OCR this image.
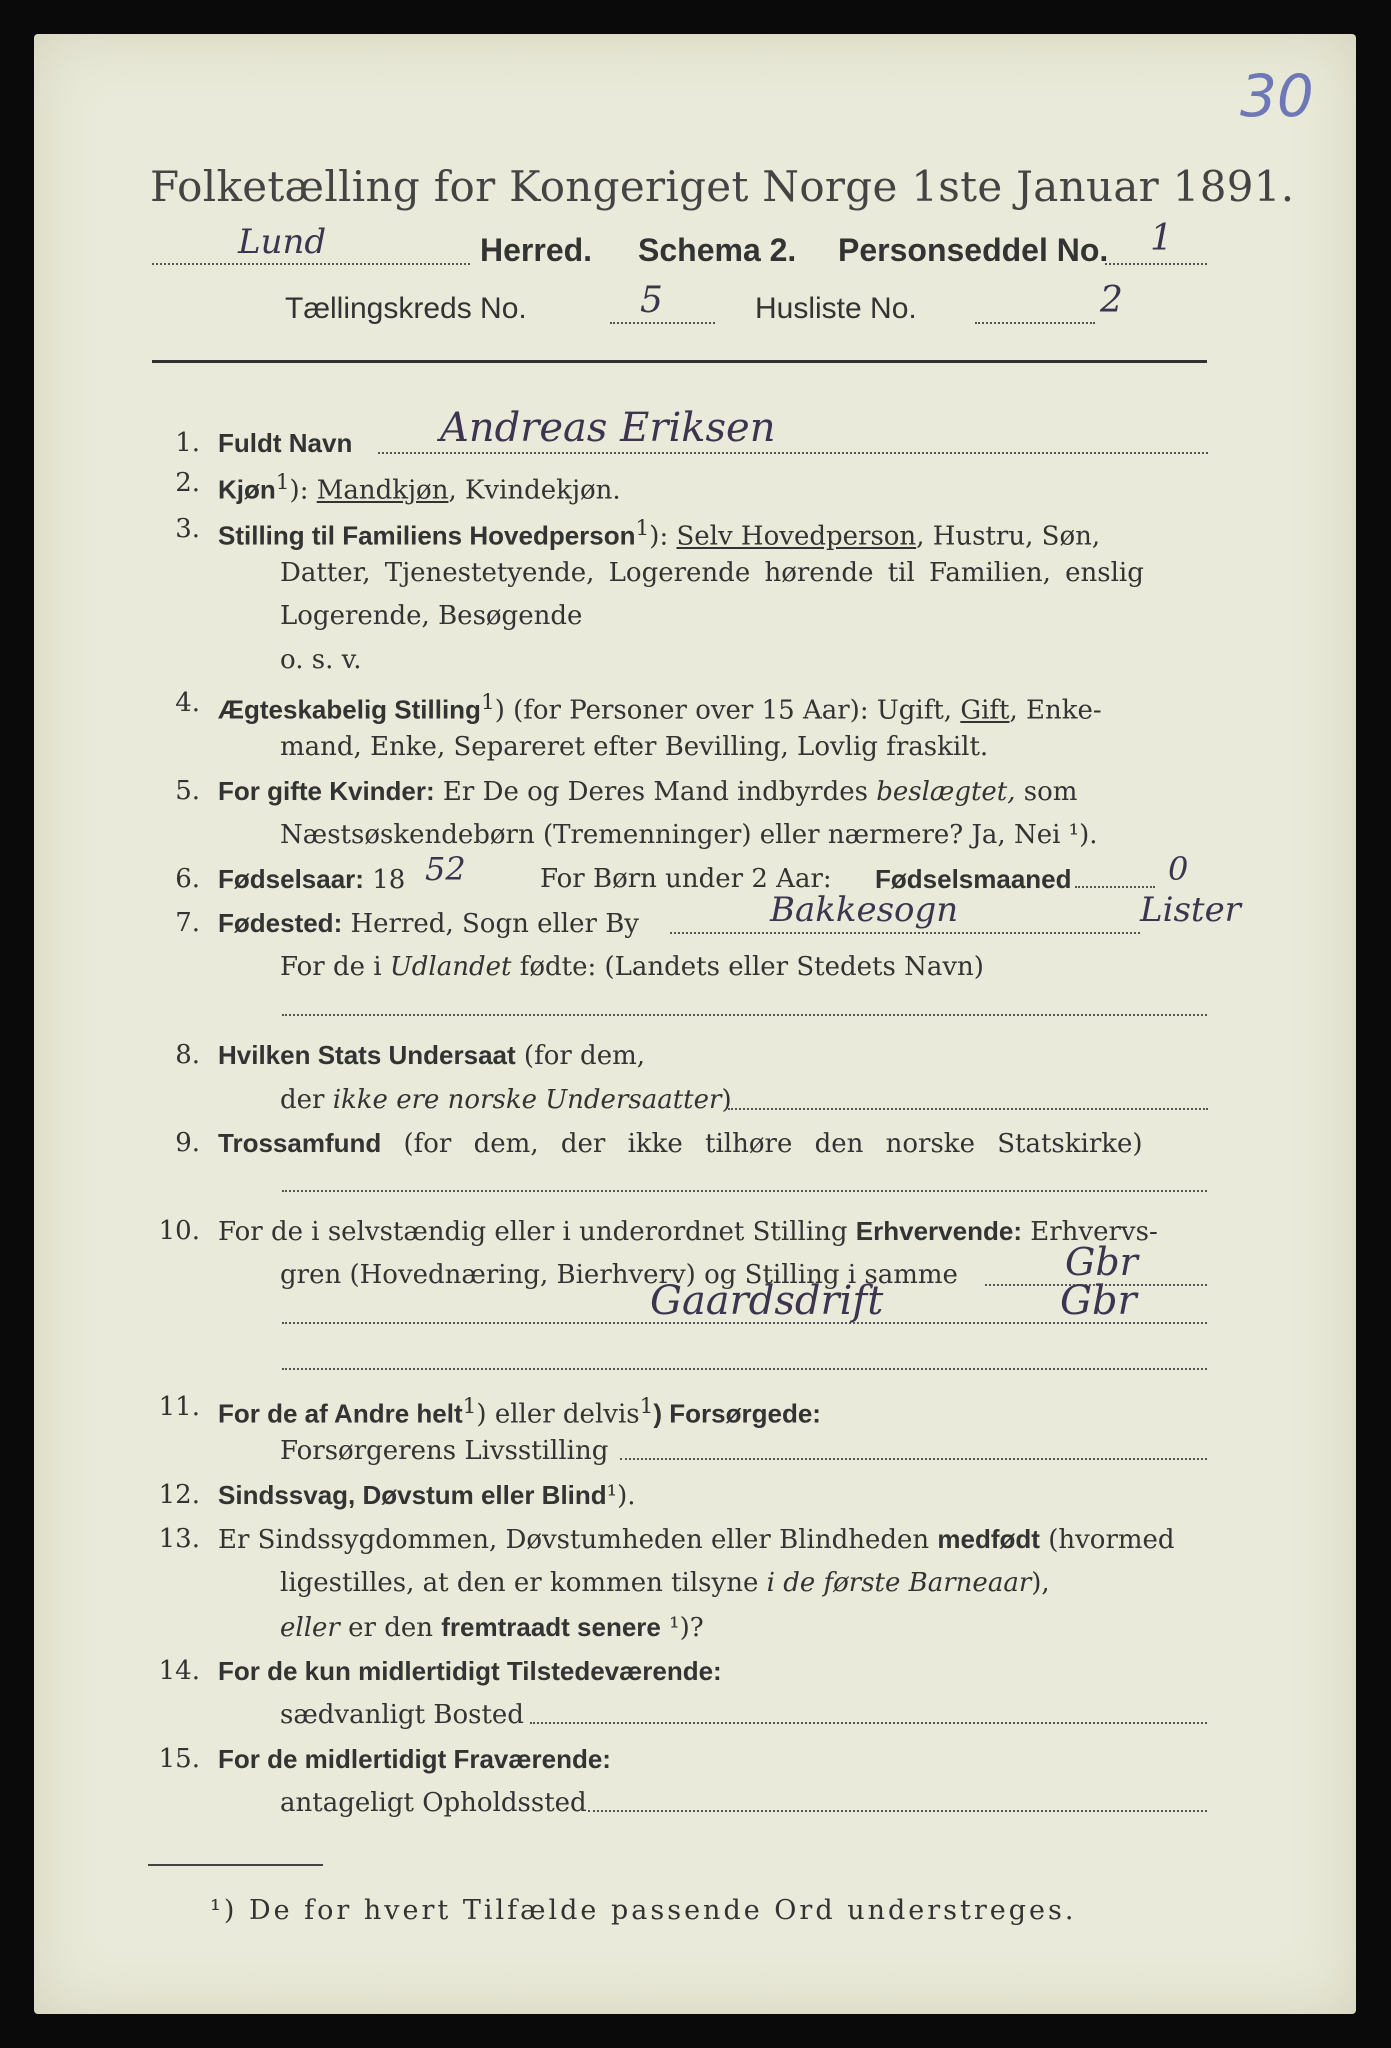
30
Folketælling for Kongeriget Norge 1ste Januar 1891.
Lund	Herred. Schema 2. Personseddel No. 1
Tællingskreds No.	5	Husliste No.	2
1. Fuldt Navn Andreas Eriksen
2. Kjøn$^1$): Mandkjøn, Kvindekjøn.
3. Stilling til Familiens Hovedperson$^1$): Selv Hovedperson, Hustru, Søn,
Datter, Tjenestetyende, Logerende hørende til Familien, enslig
Logerende, Besøgende
o. s. v.
4. Ægteskabelig Stilling$^1$) (for Personer over 15 Aar): Ugift, Gift, Enke-
mand, Enke, Separeret efter Bevilling, Lovlig fraskilt.
5. For gifte Kvinder: Er De og Deres Mand indbyrdes beslægtet, som
Næstsøskendebørn (Tremenninger) eller nærmere? Ja, Nei ¹).
6. Fødselsaar: 18 52	For Børn under 2 Aar: Fødselsmaaned	0
7. Fødested: Herred, Sogn eller By	Bakkesogn	Lister
For de i Udlandet fødte: (Landets eller Stedets Navn)
8. Hvilken Stats Undersaat (for dem,
der ikke ere norske Undersaatter)
9. Trossamfund (for dem, der ikke tilhøre den norske Statskirke)
10. For de i selvstændig eller i underordnet Stilling Erhvervende: Erhvervs-
gren (Hovednæring, Bierhverv) og Stilling i samme	Gbr
Gaardsdrift	Gbr
11. For de af Andre helt$^1$) eller delvis$^1$) Forsørgede:
Forsørgerens Livsstilling
12. Sindssvag, Døvstum eller Blind¹).
13. Er Sindssygdommen, Døvstumheden eller Blindheden medfødt (hvormed
ligestilles, at den er kommen tilsyne i de første Barneaar),
eller er den fremtraadt senere ¹)?
14. For de kun midlertidigt Tilstedeværende:
sædvanligt Bosted
15. For de midlertidigt Fraværende:
antageligt Opholdssted
¹) De for hvert Tilfælde passende Ord understreges.
